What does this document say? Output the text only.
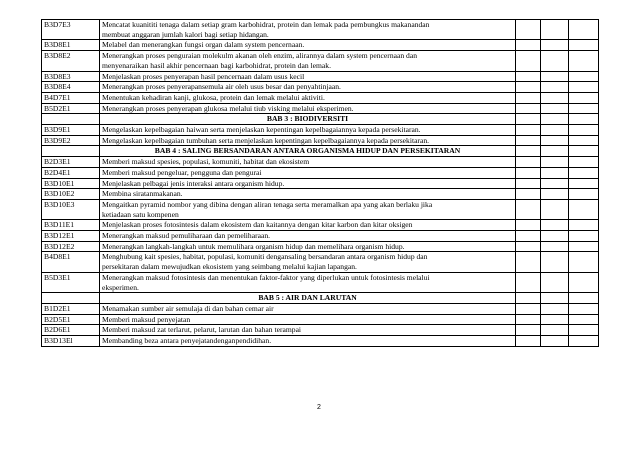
B3D7E3	Mencatat kuanititi tenaga dalam setiap gram karbohidrat, protein dan lemak pada pembungkus makanandan
membuat anggaran jumlah kalori bagi setiap hidangan.			

B3D8E1	Melabel dan menerangkan fungsi organ dalam system pencernaan.			

B3D8E2	Menerangkan proses penguraian molekulm akanan oleh enzim, alirannya dalam system pencernaan dan
menyenaraikan hasil akhir pencernaan bagi karbohidrat, protein dan lemak.			

B3D8E3	Menjelaskan proses penyerapan hasil pencernaan dalam usus kecil			

B3D8E4	Menerangkan proses penyerapansemula air oleh usus besar dan penyahtinjaan.			

B4D7E1	Menentukan kehadiran kanji, glukosa, protein dan lemak melalui aktiviti.			

B5D2E1	Menerangkan proses penyerapan glukosa melalui tiub visking melalui eksperimen.			

	BAB 3 : BIODIVERSITI			
B3D9E1	Mengelaskan kepelbagaian haiwan serta menjelaskan kepentingan kepelbagaiannya kepada persekitaran.			

B3D9E2	Mengelaskan kepelbagaian tumbuhan serta menjelaskan kepentingan kepelbagaiannya kepada persekitaran.			

	BAB 4 : SALING BERSANDARAN ANTARA ORGANISMA HIDUP DAN PERSEKITARAN			
B2D3E1	Memberi maksud spesies, populasi, komuniti, habitat dan ekosistem			

B2D4E1	Memberi maksud pengeluar, pengguna dan pengurai			

B3D10E1	Menjelaskan pelbagai jenis interaksi antara organism hidup.			

B3D10E2	Membina siratanmakanan.			

B3D10E3	Mengaitkan pyramid nombor yang dibina dengan aliran tenaga serta meramalkan apa yang akan berlaku jika
ketiadaan satu kompenen			

B3D11E1	Menjelaskan proses fotosintesis dalam ekosistem dan kaitannya dengan kitar karbon dan kitar oksigen			

B3D12E1	Menerangkan maksud pemuliharaan dan pemeliharaan.			

B3D12E2	Menerangkan langkah-langkah untuk memulihara organism hidup dan memelihara organism hidup.			

B4D8E1	Menghubung kait spesies, habitat, populasi, komuniti dengansaling bersandaran antara organism hidup dan
persekitaran dalam mewujudkan ekosistem yang seimbang melalui kajian lapangan.			

B5D3E1	Menerangkan maksud fotosintesis dan menentukan faktor-faktor yang diperlukan untuk fotosintesis melalui
eksperimen.			

	BAB 5 : AIR DAN LARUTAN			
B1D2E1	Menamakan sumber air semulaja di dan bahan cemar air			

B2D5E1	Memberi maksud penyejatan			

B2D6E1	Memberi maksud zat terlarut, pelarut, larutan dan bahan terampai			

B3D13El	Membanding beza antara penyejatandenganpendidihan.			

2
